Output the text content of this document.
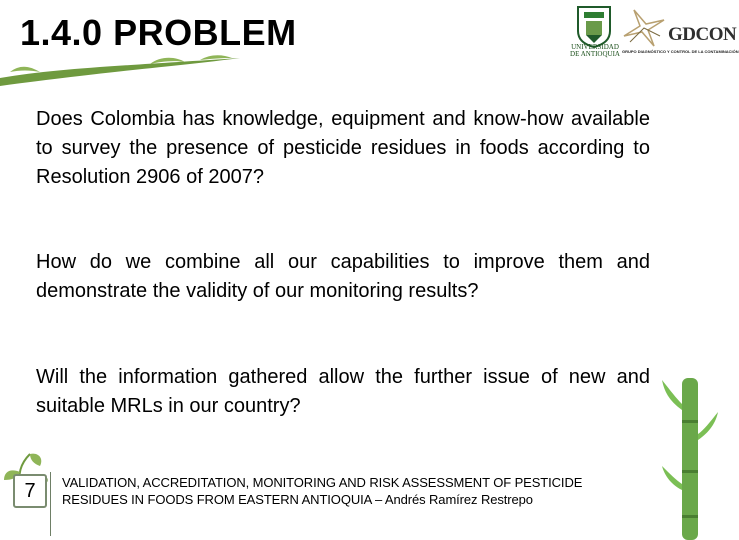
1.4.0 PROBLEM	UNIVERSIDAD DE ANTIOQUIA
GDCON
GRUPO DIAGNÓSTICO Y CONTROL DE LA CONTAMINACIÓN
Does Colombia has knowledge, equipment and know-how available to survey the presence of pesticide residues in foods according to Resolution 2906 of 2007?
How do we combine all our capabilities to improve them and demonstrate the validity of our monitoring results?
Will the information gathered allow the further issue of new and suitable MRLs in our country?
7	VALIDATION, ACCREDITATION, MONITORING AND RISK ASSESSMENT OF PESTICIDE
RESIDUES IN FOODS FROM EASTERN ANTIOQUIA – Andrés Ramírez Restrepo
